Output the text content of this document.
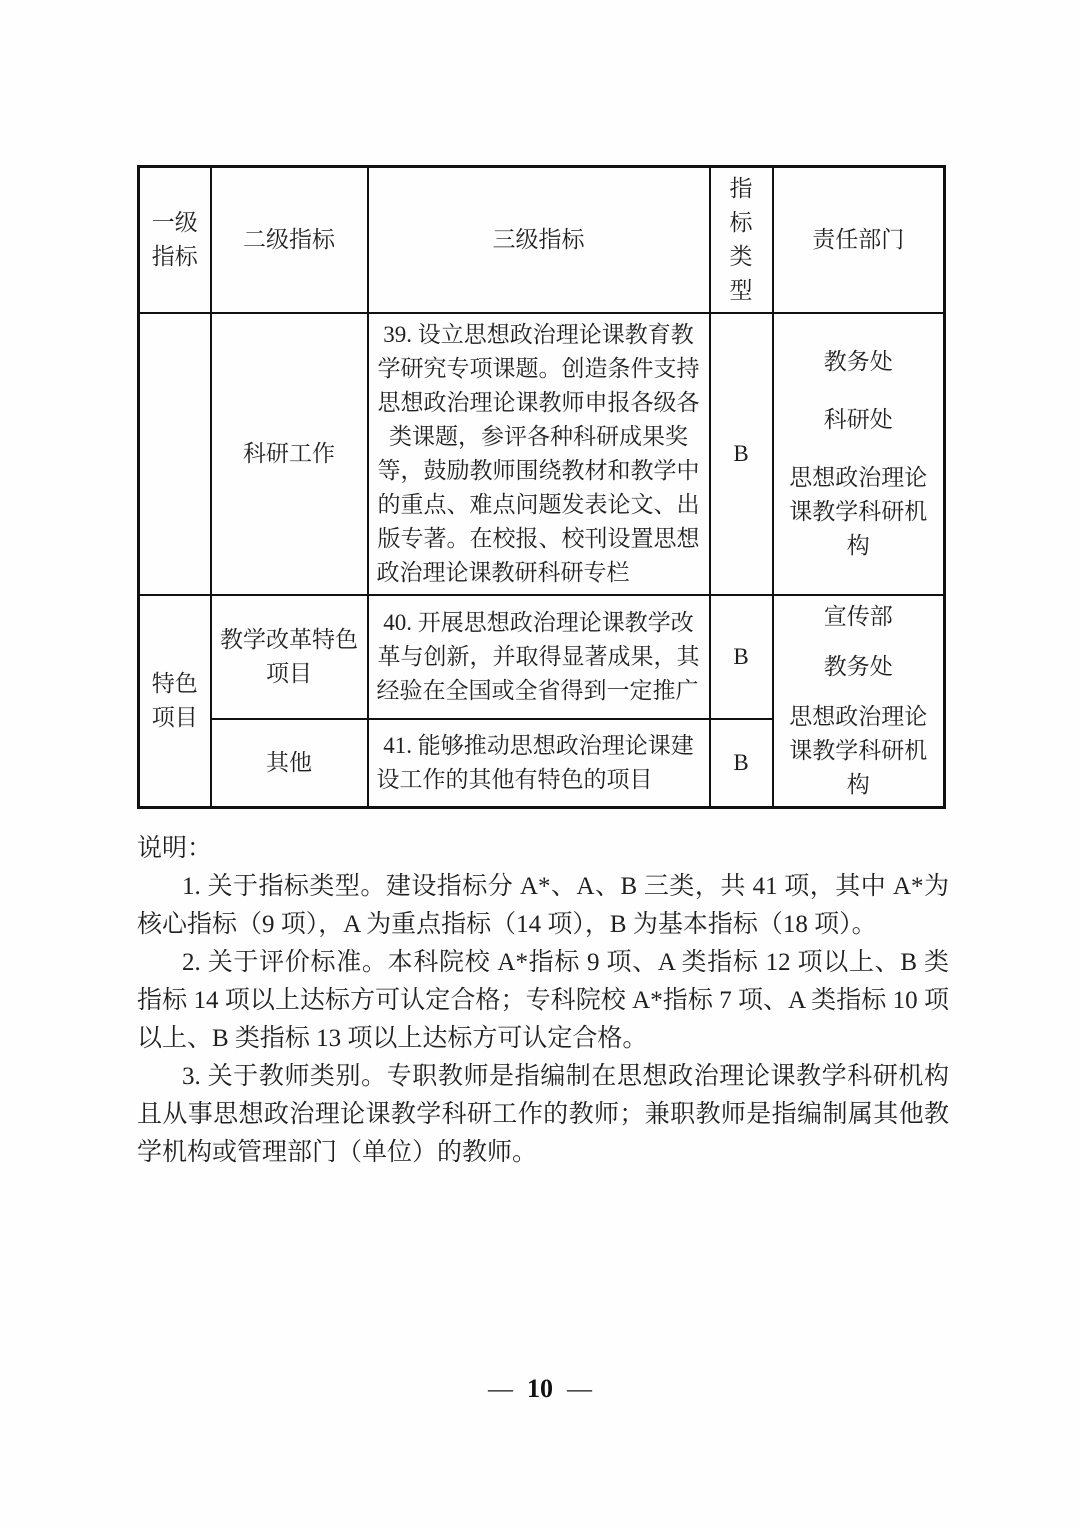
一级指标	二级指标	三级指标	指标类型	责任部门
	科研工作	39. 设立思想政治理论课教育教学研究专项课题。创造条件支持思想政治理论课教师申报各级各类课题，参评各种科研成果奖等，鼓励教师围绕教材和教学中的重点、难点问题发表论文、出版专著。在校报、校刊设置思想政治理论课教研科研专栏	B	教务处
科研处
思想政治理论课教学科研机构

特色项目	教学改革特色项目	40. 开展思想政治理论课教学改革与创新，并取得显著成果，其经验在全国或全省得到一定推广	B	宣传部
教务处
思想政治理论课教学科研机构

	其他	41. 能够推动思想政治理论课建设工作的其他有特色的项目	B	

说明：

1. 关于指标类型。建设指标分 A*、A、B 三类，共 41 项，其中 A*为核心指标（9 项），A 为重点指标（14 项），B 为基本指标（18 项）。

2. 关于评价标准。本科院校 A*指标 9 项、A 类指标 12 项以上、B 类指标 14 项以上达标方可认定合格；专科院校 A*指标 7 项、A 类指标 10 项以上、B 类指标 13 项以上达标方可认定合格。

3. 关于教师类别。专职教师是指编制在思想政治理论课教学科研机构且从事思想政治理论课教学科研工作的教师；兼职教师是指编制属其他教学机构或管理部门（单位）的教师。

— 10 —
